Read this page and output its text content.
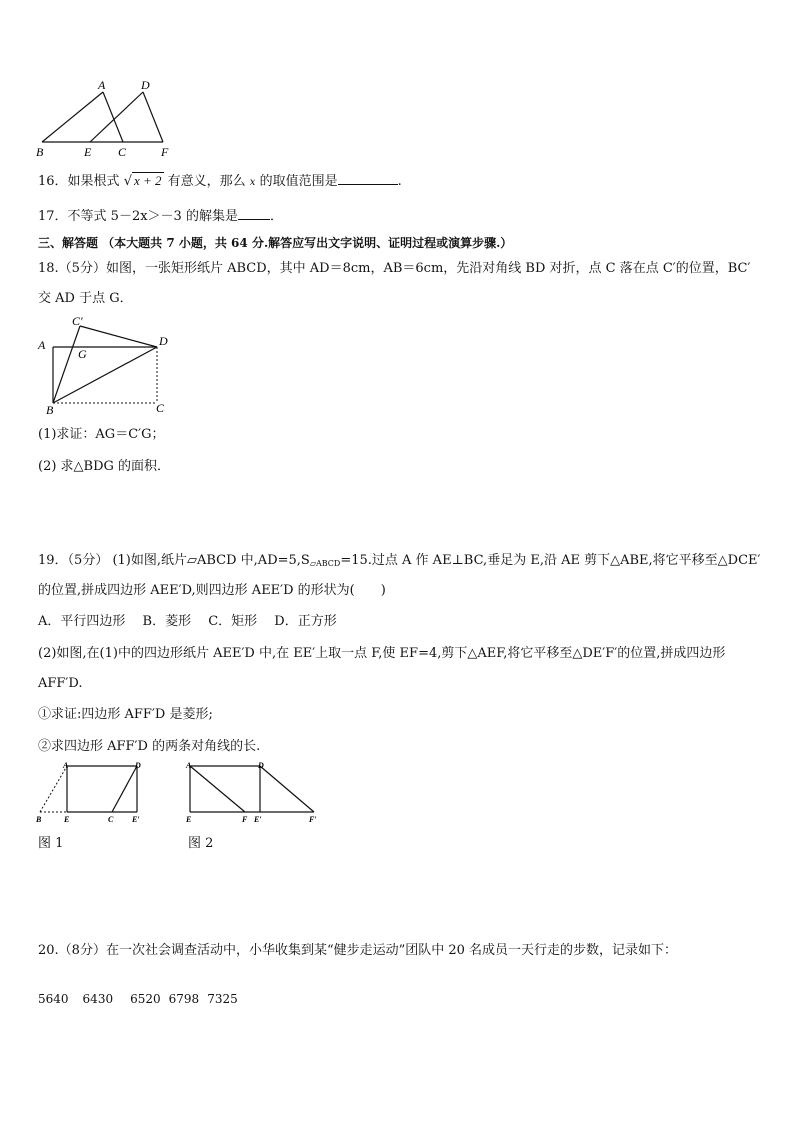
A	D
B	E C	F
16．如果根式 √ x + 2 有意义，那么 x 的取值范围是	.
17．不等式 5－2x＞－3 的解集是 ．
三、解答题 （本大题共 7 小题，共 64 分.解答应写出文字说明、证明过程或演算步骤.）
18.（5分）如图，一张矩形纸片 ABCD，其中 AD＝8cm，AB＝6cm，先沿对角线 BD 对折，点 C 落在点 C′的位置，BC′
交 AD 于点 G．
C′
D
A
G
B	C
(1)求证：AG＝C′G；
(2) 求△BDG 的面积．
19．（5分） (1)如图,纸片▱ABCD 中$,AD=5,S_{▱ABCD}=15$.过点 A 作 AE⊥BC,垂足为 E,沿 AE 剪下△ABE,将它平移至△DCE′
的位置,拼成四边形 AEE′D,则四边形 AEE′D 的形状为(　　)
A．平行四边形　 B．菱形　 C．矩形　 D．正方形
(2)如图,在(1)中的四边形纸片 AEE′D 中,在 EE′上取一点 F,使 EF=4,剪下△AEF,将它平移至△DE′F′的位置,拼成四边形
AFF′D.
①求证:四边形 AFF′D 是菱形;
②求四边形 AFF′D 的两条对角线的长.
A	D
B	E	C E′
A	D
E	F E′	F′
图 1	图 2
20.（8分）在一次社会调查活动中，小华收集到某“健步走运动”团队中 20 名成员一天行走的步数，记录如下：
5640 6430 6520 6798 7325
